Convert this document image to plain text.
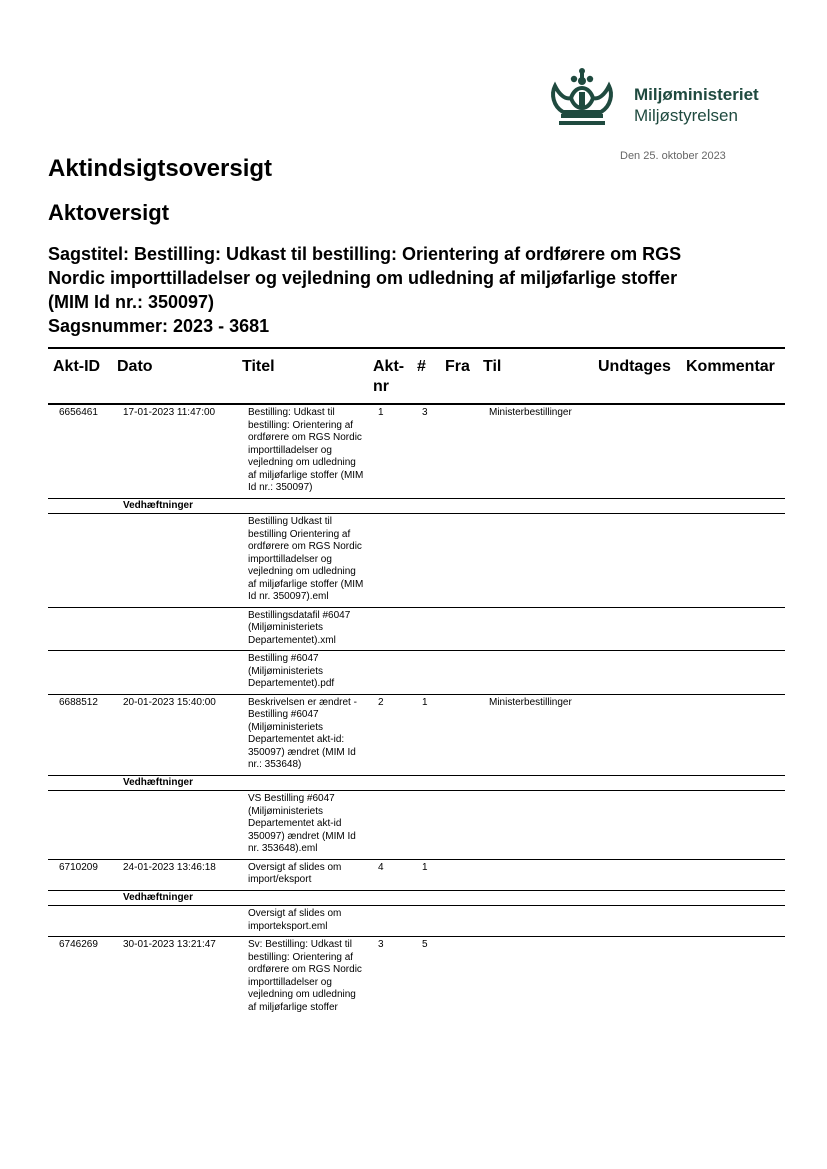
Miljøministeriet
Miljøstyrelsen
Den 25. oktober 2023
Aktindsigtsoversigt
Aktoversigt

Sagstitel: Bestilling: Udkast til bestilling: Orientering af ordførere om RGS

Nordic importtilladelser og vejledning om udledning af miljøfarlige stoffer

(MIM Id nr.: 350097)

Sagsnummer: 2023 - 3681

Akt-ID	Dato	Titel	Akt-
nr	#	Fra	Til	Undtages	Kommentar
6656461	17-01-2023 11:47:00	Bestilling: Udkast til bestilling: Orientering af ordførere om RGS Nordic importtilladelser og vejledning om udledning af miljøfarlige stoffer (MIM Id nr.: 350097)	1	3		Ministerbestillinger		
	Vedhæftninger							
		Bestilling Udkast til bestilling Orientering af ordførere om RGS Nordic importtilladelser og vejledning om udledning af miljøfarlige stoffer (MIM Id nr. 350097).eml						
		Bestillingsdatafil #6047 (Miljøministeriets Departementet).xml						
		Bestilling #6047 (Miljøministeriets Departementet).pdf						
6688512	20-01-2023 15:40:00	Beskrivelsen er ændret - Bestilling #6047 (Miljøministeriets Departementet akt-id: 350097) ændret (MIM Id nr.: 353648)	2	1		Ministerbestillinger		
	Vedhæftninger							
		VS Bestilling #6047 (Miljøministeriets Departementet akt-id 350097) ændret (MIM Id nr. 353648).eml						
6710209	24-01-2023 13:46:18	Oversigt af slides om import/eksport	4	1				
	Vedhæftninger							
		Oversigt af slides om importeksport.eml						
6746269	30-01-2023 13:21:47	Sv: Bestilling: Udkast til bestilling: Orientering af ordførere om RGS Nordic importtilladelser og vejledning om udledning af miljøfarlige stoffer	3	5				
